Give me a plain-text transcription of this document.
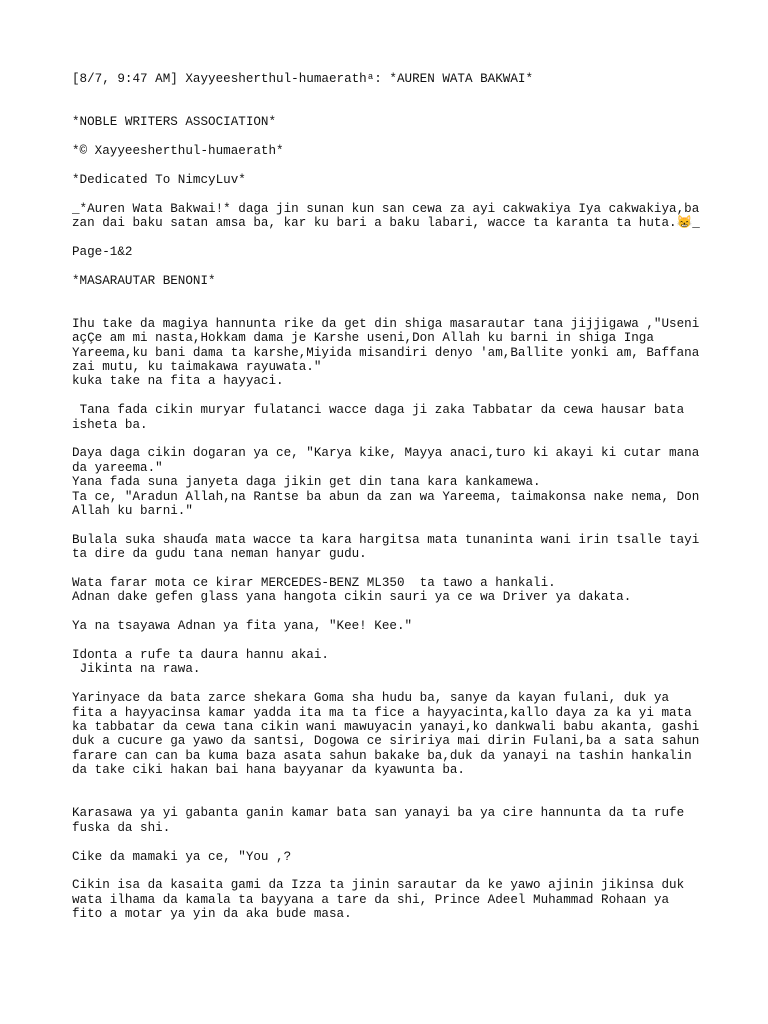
[8/7, 9:47 AM] Xayyeesherthul-humaerathᵃ: *AUREN WATA BAKWAI*

*NOBLE WRITERS ASSOCIATION*

*© Xayyeesherthul-humaerath*

*Dedicated To NimcyLuv*

_*Auren Wata Bakwai!* daga jin sunan kun san cewa za ayi cakwakiya Iya cakwakiya,ba
zan dai baku satan amsa ba, kar ku bari a baku labari, wacce ta karanta ta huta.😸_

Page-1&2

*MASARAUTAR BENONI*

Ihu take da magiya hannunta rike da get din shiga masarautar tana jijjigawa ,"Useni
açÇe am mi nasta,Hokkam dama je Karshe useni,Don Allah ku barni in shiga Inga
Yareema,ku bani dama ta karshe,Miyida misandiri denyo 'am,Ballite yonki am, Baffana
zai mutu, ku taimakawa rayuwata."
kuka take na fita a hayyaci.

Tana fada cikin muryar fulatanci wacce daga ji zaka Tabbatar da cewa hausar bata
isheta ba.

Daya daga cikin dogaran ya ce, "Karya kike, Mayya anaci,turo ki akayi ki cutar mana
da yareema."
Yana fada suna janyeta daga jikin get din tana kara kankamewa.
Ta ce, "Aradun Allah,na Rantse ba abun da zan wa Yareema, taimakonsa nake nema, Don
Allah ku barni."

Bulala suka shauɗa mata wacce ta kara hargitsa mata tunaninta wani irin tsalle tayi
ta dire da gudu tana neman hanyar gudu.

Wata farar mota ce kirar MERCEDES-BENZ ML350  ta tawo a hankali.
Adnan dake gefen glass yana hangota cikin sauri ya ce wa Driver ya dakata.

Ya na tsayawa Adnan ya fita yana, "Kee! Kee."

Idonta a rufe ta daura hannu akai.
Jikinta na rawa.

Yarinyace da bata zarce shekara Goma sha hudu ba, sanye da kayan fulani, duk ya
fita a hayyacinsa kamar yadda ita ma ta fice a hayyacinta,kallo daya za ka yi mata
ka tabbatar da cewa tana cikin wani mawuyacin yanayi,ko dankwali babu akanta, gashi
duk a cucure ga yawo da santsi, Dogowa ce siririya mai dirin Fulani,ba a sata sahun
farare can can ba kuma baza asata sahun bakake ba,duk da yanayi na tashin hankalin
da take ciki hakan bai hana bayyanar da kyawunta ba.

Karasawa ya yi gabanta ganin kamar bata san yanayi ba ya cire hannunta da ta rufe
fuska da shi.

Cike da mamaki ya ce, "You ,?

Cikin isa da kasaita gami da Izza ta jinin sarautar da ke yawo ajinin jikinsa duk
wata ilhama da kamala ta bayyana a tare da shi, Prince Adeel Muhammad Rohaan ya
fito a motar ya yin da aka bude masa.
